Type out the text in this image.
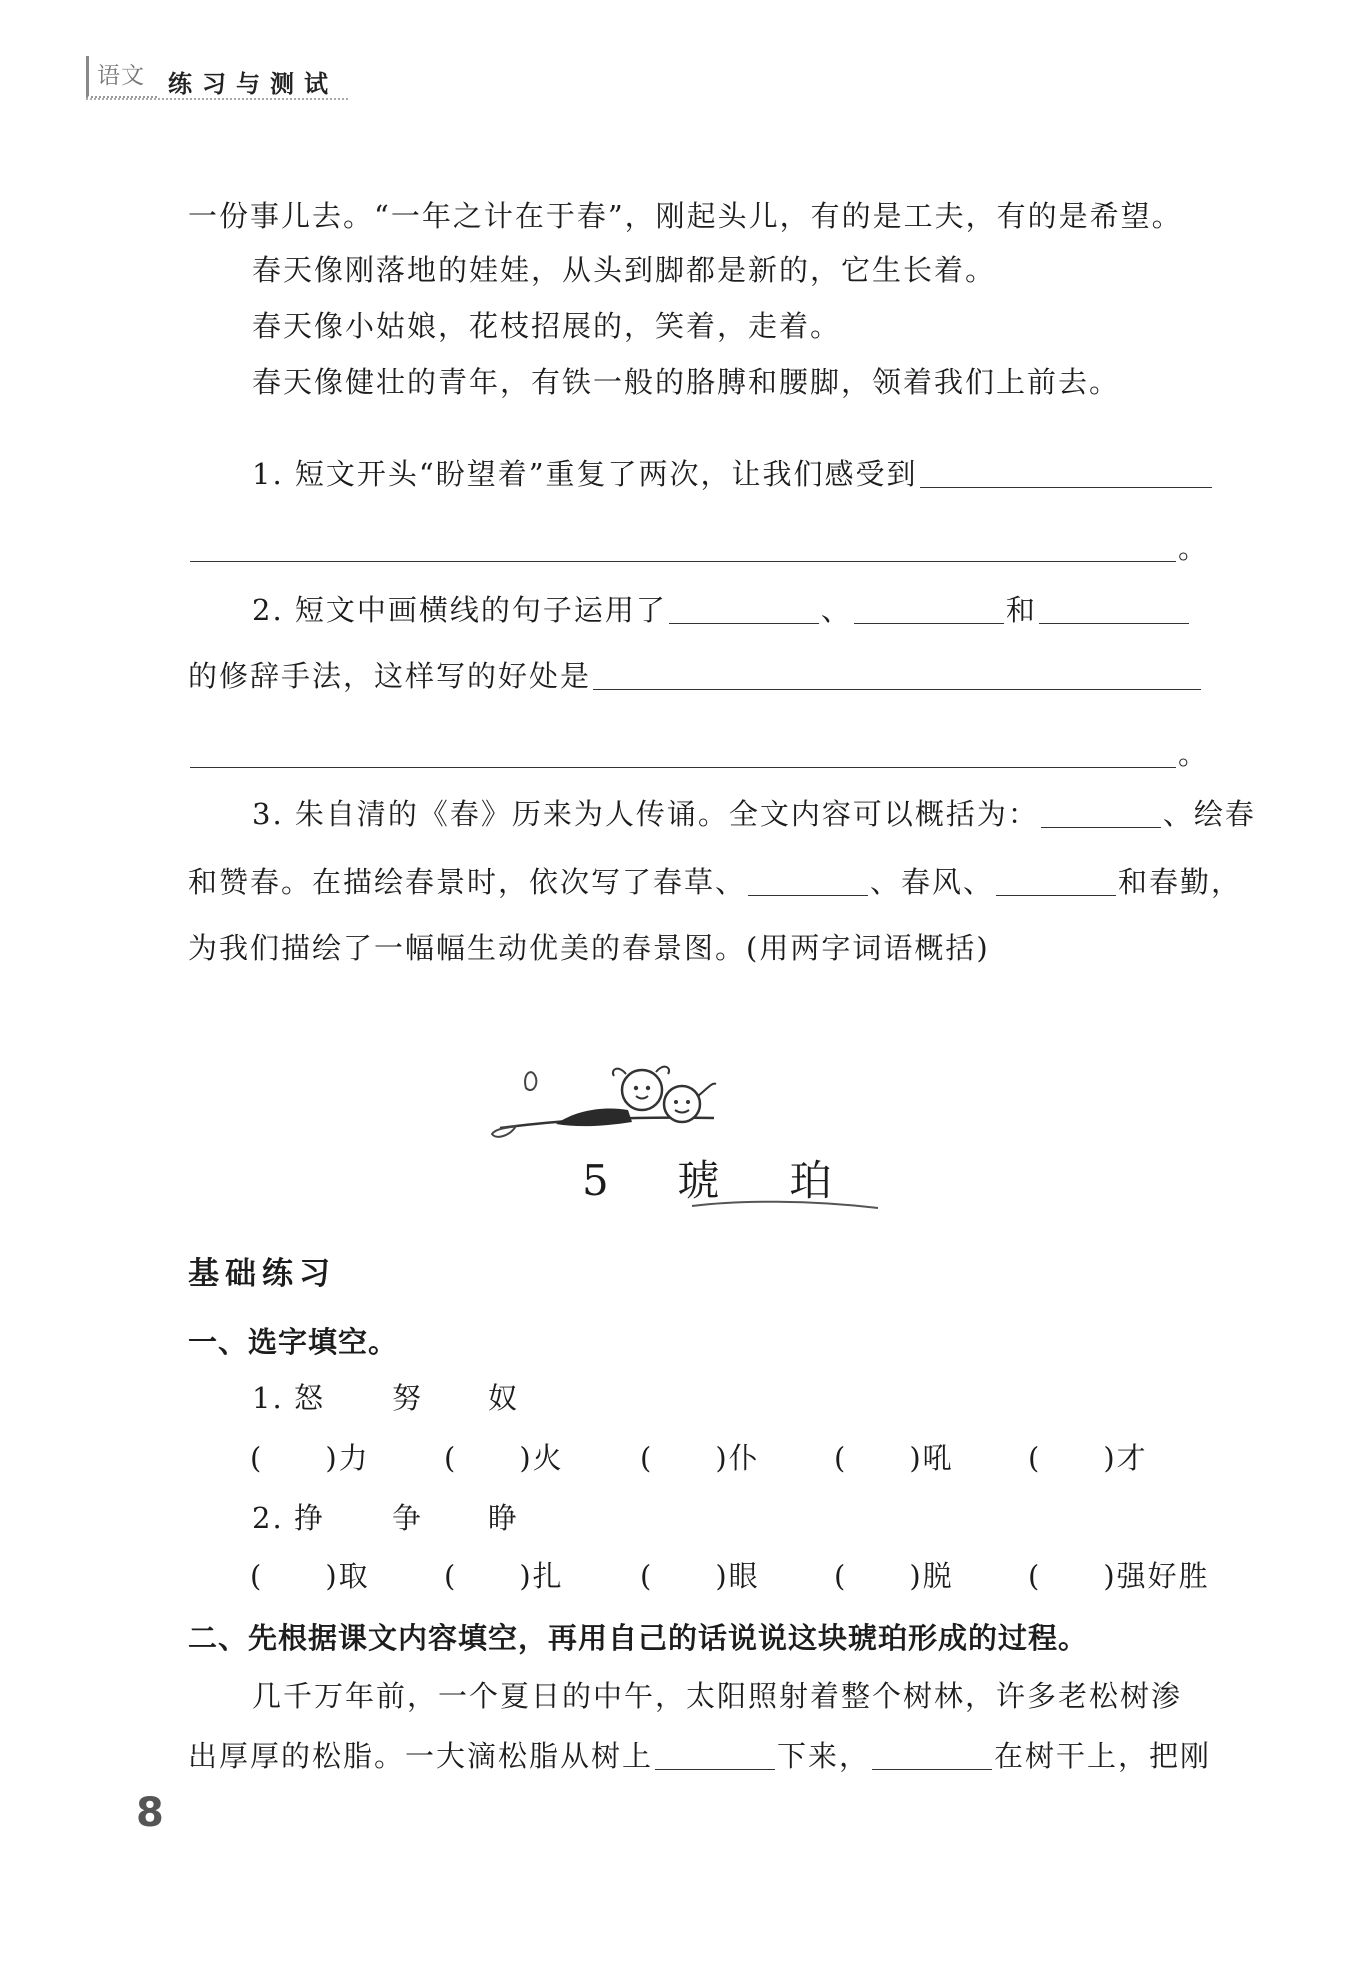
语文 练习与测试
一份事儿去。“一年之计在于春”，刚起头儿，有的是工夫，有的是希望。
春天像刚落地的娃娃，从头到脚都是新的，它生长着。
春天像小姑娘，花枝招展的，笑着，走着。
春天像健壮的青年，有铁一般的胳膊和腰脚，领着我们上前去。
1. 短文开头“盼望着”重复了两次，让我们感受到
。
2. 短文中画横线的句子运用了	、	和
的修辞手法，这样写的好处是
。
3. 朱自清的《春》历来为人传诵。全文内容可以概括为：	、绘春
和赞春。在描绘春景时，依次写了春草、	、春风、	和春勤，
为我们描绘了一幅幅生动优美的春景图。(用两字词语概括)
5 琥　珀
基础练习
一、选字填空。
1. 怒 努 奴
(　　)力	(　　)火	(　　)仆	(　　)吼	(　　)才
2. 挣 争 睁
(　　)取	(　　)扎	(　　)眼	(　　)脱	(　　)强好胜
二、先根据课文内容填空，再用自己的话说说这块琥珀形成的过程。
几千万年前，一个夏日的中午，太阳照射着整个树林，许多老松树渗
出厚厚的松脂。一大滴松脂从树上	下来，	在树干上，把刚
8
